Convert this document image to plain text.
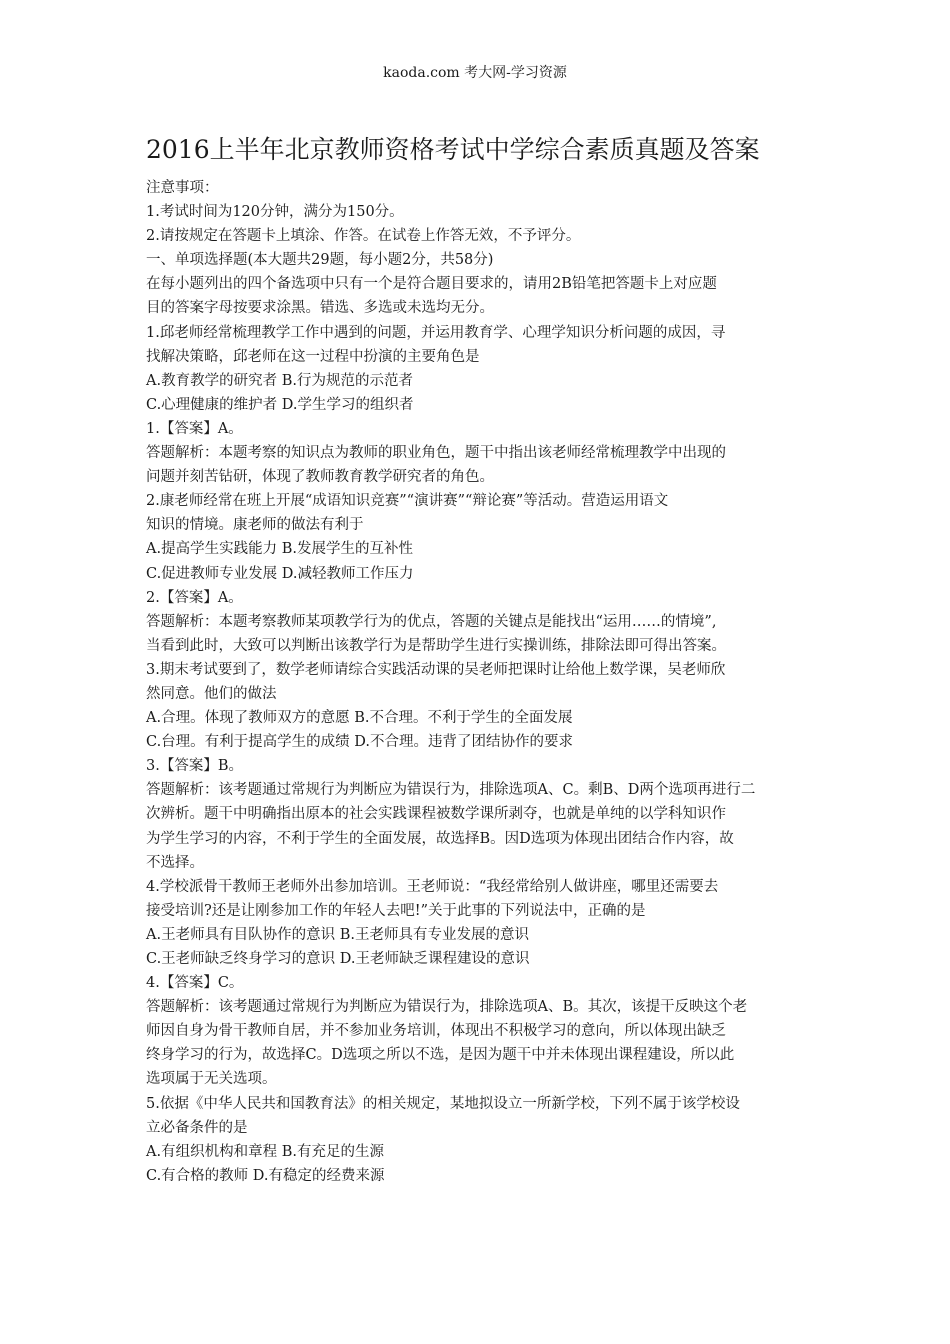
kaoda.com 考大网-学习资源
2016上半年北京教师资格考试中学综合素质真题及答案
注意事项：
1.考试时间为120分钟，满分为150分。
2.请按规定在答题卡上填涂、作答。在试卷上作答无效，不予评分。
一、单项选择题(本大题共29题，每小题2分，共58分)
在每小题列出的四个备选项中只有一个是符合题目要求的，请用2B铅笔把答题卡上对应题
目的答案字母按要求涂黑。错选、多选或未选均无分。
1.邱老师经常梳理教学工作中遇到的问题，并运用教育学、心理学知识分析问题的成因，寻
找解决策略，邱老师在这一过程中扮演的主要角色是
A.教育教学的研究者 B.行为规范的示范者
C.心理健康的维护者 D.学生学习的组织者
1.【答案】A。
答题解析：本题考察的知识点为教师的职业角色，题干中指出该老师经常梳理教学中出现的
问题并刻苦钻研，体现了教师教育教学研究者的角色。
2.康老师经常在班上开展“成语知识竞赛”“演讲赛”“辩论赛”等活动。营造运用语文
知识的情境。康老师的做法有利于
A.提高学生实践能力 B.发展学生的互补性
C.促进教师专业发展 D.减轻教师工作压力
2.【答案】A。
答题解析：本题考察教师某项教学行为的优点，答题的关键点是能找出“运用……的情境”,
当看到此时，大致可以判断出该教学行为是帮助学生进行实操训练，排除法即可得出答案。
3.期末考试要到了，数学老师请综合实践活动课的吴老师把课时让给他上数学课，吴老师欣
然同意。他们的做法
A.合理。体现了教师双方的意愿 B.不合理。不利于学生的全面发展
C.台理。有利于提高学生的成绩 D.不合理。违背了团结协作的要求
3.【答案】B。
答题解析：该考题通过常规行为判断应为错误行为，排除选项A、C。剩B、D两个选项再进行二
次辨析。题干中明确指出原本的社会实践课程被数学课所剥夺，也就是单纯的以学科知识作
为学生学习的内容，不利于学生的全面发展，故选择B。因D选项为体现出团结合作内容，故
不选择。
4.学校派骨干教师王老师外出参加培训。王老师说：“我经常给别人做讲座，哪里还需要去
接受培训?还是让刚参加工作的年轻人去吧!”关于此事的下列说法中，正确的是
A.王老师具有目队协作的意识 B.王老师具有专业发展的意识
C.王老师缺乏终身学习的意识 D.王老师缺乏课程建设的意识
4.【答案】C。
答题解析：该考题通过常规行为判断应为错误行为，排除选项A、B。其次，该提干反映这个老
师因自身为骨干教师自居，并不参加业务培训，体现出不积极学习的意向，所以体现出缺乏
终身学习的行为，故选择C。D选项之所以不选，是因为题干中并未体现出课程建设，所以此
选项属于无关选项。
5.依据《中华人民共和国教育法》的相关规定，某地拟设立一所新学校，下列不属于该学校设
立必备条件的是
A.有组织机构和章程 B.有充足的生源
C.有合格的教师 D.有稳定的经费来源
